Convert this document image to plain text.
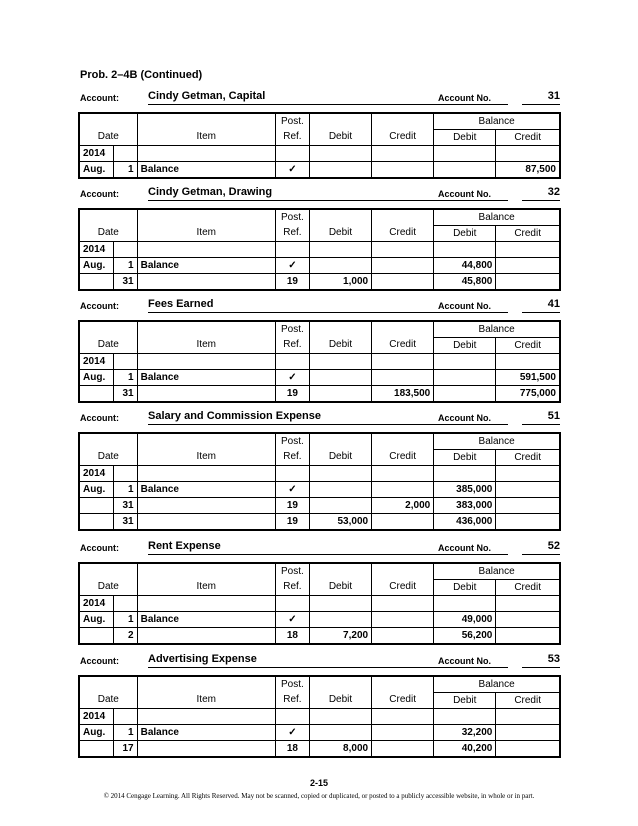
Prob. 2–4B (Continued)
Account:	Cindy Getman, Capital	Account No.	31
			Post.			Balance	
Date		Item	Ref.	Debit	Credit	Debit	Credit
2014							
Aug.	1	Balance	✓				87,500
Account:	Cindy Getman, Drawing	Account No.	32
			Post.			Balance	
Date		Item	Ref.	Debit	Credit	Debit	Credit
2014							
Aug.	1	Balance	✓			44,800	
	31		19	1,000		45,800	
Account:	Fees Earned	Account No.	41
			Post.			Balance	
Date		Item	Ref.	Debit	Credit	Debit	Credit
2014							
Aug.	1	Balance	✓				591,500
	31		19		183,500		775,000
Account:	Salary and Commission Expense	Account No.	51
			Post.			Balance	
Date		Item	Ref.	Debit	Credit	Debit	Credit
2014							
Aug.	1	Balance	✓			385,000	
	31		19		2,000	383,000	
	31		19	53,000		436,000	
Account:	Rent Expense	Account No.	52
			Post.			Balance	
Date		Item	Ref.	Debit	Credit	Debit	Credit
2014							
Aug.	1	Balance	✓			49,000	
	2		18	7,200		56,200	
Account:	Advertising Expense	Account No.	53
			Post.			Balance	
Date		Item	Ref.	Debit	Credit	Debit	Credit
2014							
Aug.	1	Balance	✓			32,200	
	17		18	8,000		40,200	
2-15
© 2014 Cengage Learning. All Rights Reserved. May not be scanned, copied or duplicated, or posted to a publicly accessible website, in whole or in part.
